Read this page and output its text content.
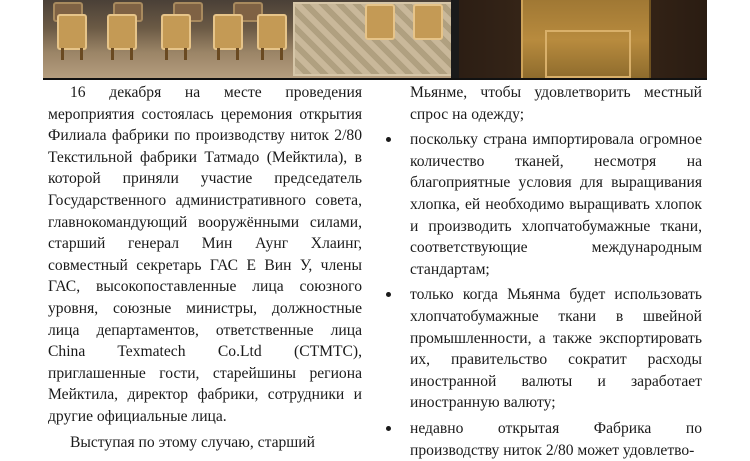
16 декабря на месте проведения мероприятия состоялась церемония открытия Филиала фабрики по производству ниток 2/80 Текстильной фабрики Татмадо (Мейктила), в которой приняли участие председатель Государственного административного совета, главнокомандующий вооружёнными силами, старший генерал Мин Аунг Хлаинг, совместный секретарь ГАС Е Вин У, члены ГАС, высокопоставленные лица союзного уровня, союзные министры, должностные лица департаментов, ответственные лица China Texmatech Co.Ltd (CTMTC), приглашенные гости, старейшины региона Мейктила, директор фабрики, сотрудники и другие официальные лица.

Выступая по этому случаю, старший

Мьянме, чтобы удовлетворить местный спрос на одежду;

поскольку страна импортировала огромное количество тканей, несмотря на благоприятные условия для выращивания хлопка, ей необходимо выращивать хлопок и производить хлопчатобумажные ткани, соответствующие международным стандартам;
только когда Мьянма будет использовать хлопчатобумажные ткани в швейной промышленности, а также экспортировать их, правительство сократит расходы иностранной валюты и заработает иностранную валюту;
недавно открытая Фабрика по производству ниток 2/80 может удовлетво-
